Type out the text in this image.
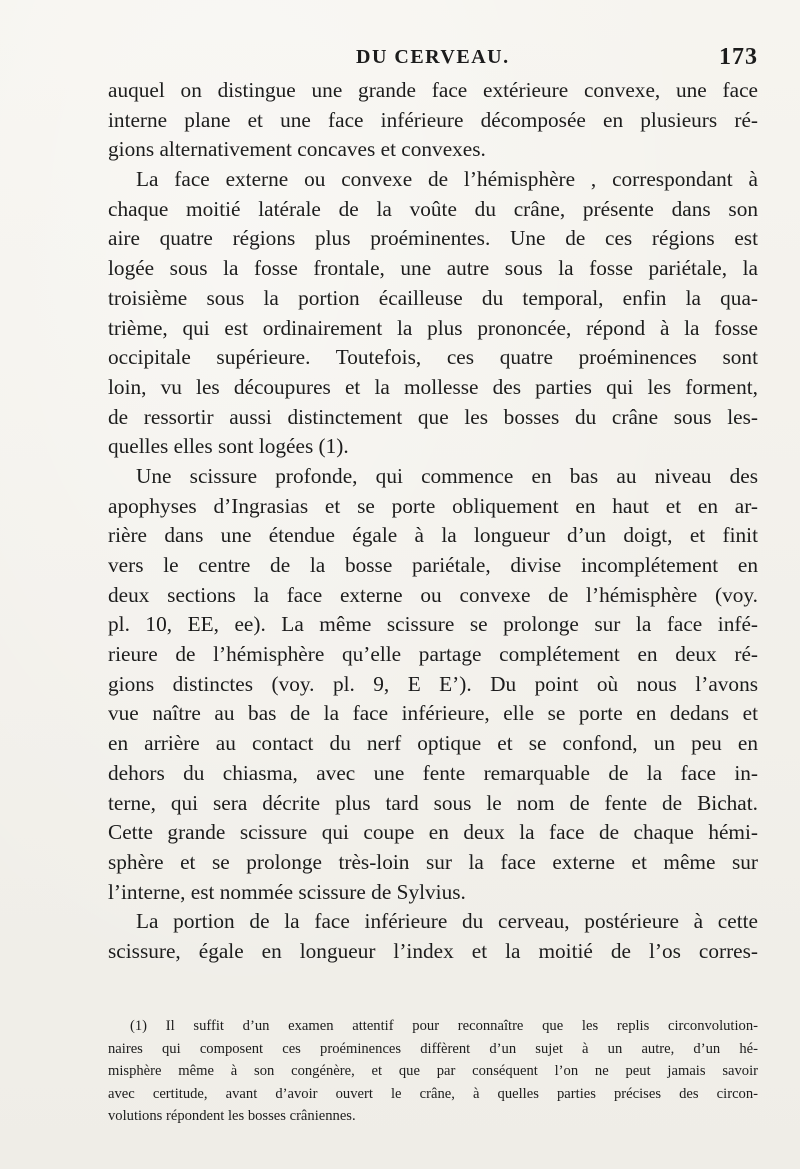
DU CERVEAU.	173
auquel on distingue une grande face extérieure convexe, une face
interne plane et une face inférieure décomposée en plusieurs ré-
gions alternativement concaves et convexes.
La face externe ou convexe de l’hémisphère , correspondant à
chaque moitié latérale de la voûte du crâne, présente dans son
aire quatre régions plus proéminentes. Une de ces régions est
logée sous la fosse frontale, une autre sous la fosse pariétale, la
troisième sous la portion écailleuse du temporal, enfin la qua-
trième, qui est ordinairement la plus prononcée, répond à la fosse
occipitale supérieure. Toutefois, ces quatre proéminences sont
loin, vu les découpures et la mollesse des parties qui les forment,
de ressortir aussi distinctement que les bosses du crâne sous les-
quelles elles sont logées (1).
Une scissure profonde, qui commence en bas au niveau des
apophyses d’Ingrasias et se porte obliquement en haut et en ar-
rière dans une étendue égale à la longueur d’un doigt, et finit
vers le centre de la bosse pariétale, divise incomplétement en
deux sections la face externe ou convexe de l’hémisphère (voy.
pl. 10, EE, ee). La même scissure se prolonge sur la face infé-
rieure de l’hémisphère qu’elle partage complétement en deux ré-
gions distinctes (voy. pl. 9, E E’). Du point où nous l’avons
vue naître au bas de la face inférieure, elle se porte en dedans et
en arrière au contact du nerf optique et se confond, un peu en
dehors du chiasma, avec une fente remarquable de la face in-
terne, qui sera décrite plus tard sous le nom de fente de Bichat.
Cette grande scissure qui coupe en deux la face de chaque hémi-
sphère et se prolonge très-loin sur la face externe et même sur
l’interne, est nommée scissure de Sylvius.
La portion de la face inférieure du cerveau, postérieure à cette
scissure, égale en longueur l’index et la moitié de l’os corres-
(1) Il suffit d’un examen attentif pour reconnaître que les replis circonvolution-
naires qui composent ces proéminences diffèrent d’un sujet à un autre, d’un hé-
misphère même à son congénère, et que par conséquent l’on ne peut jamais savoir
avec certitude, avant d’avoir ouvert le crâne, à quelles parties précises des circon-
volutions répondent les bosses crâniennes.
